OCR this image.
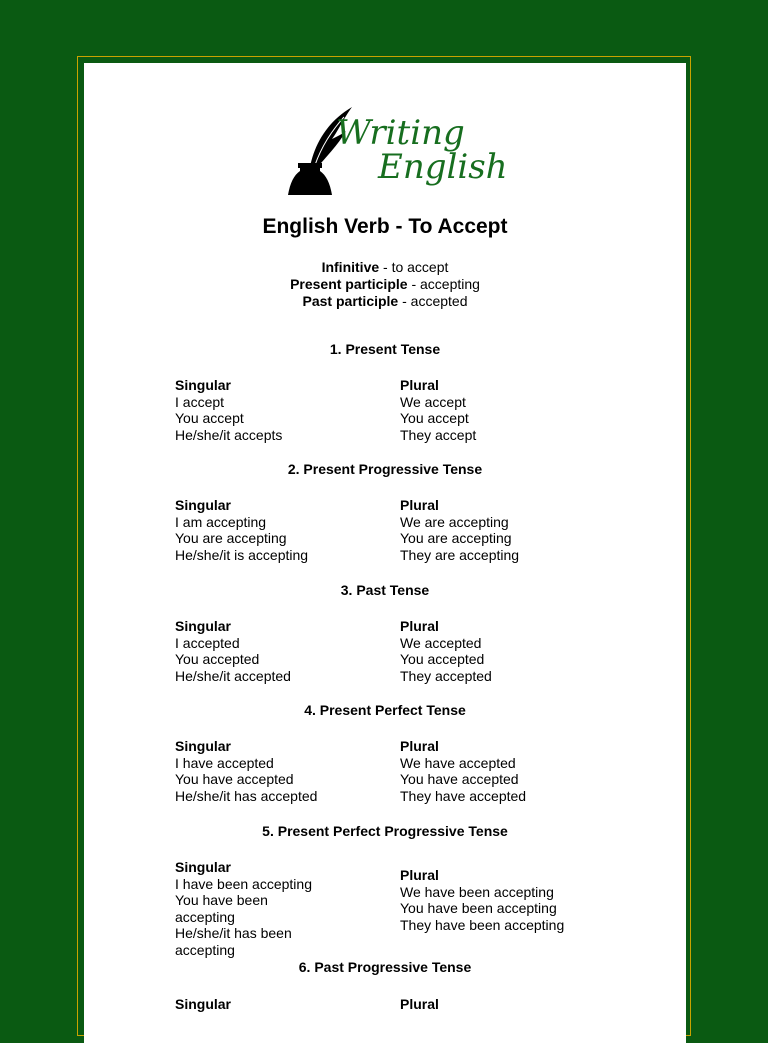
Writing
English
English Verb - To Accept
Infinitive - to accept
Present participle - accepting
Past participle - accepted
1. Present Tense
Singular
I accept
You accept
He/she/it accepts
Plural
We accept
You accept
They accept
2. Present Progressive Tense
Singular
I am accepting
You are accepting
He/she/it is accepting
Plural
We are accepting
You are accepting
They are accepting
3. Past Tense
Singular
I accepted
You accepted
He/she/it accepted
Plural
We accepted
You accepted
They accepted
4. Present Perfect Tense
Singular
I have accepted
You have accepted
He/she/it has accepted
Plural
We have accepted
You have accepted
They have accepted
5. Present Perfect Progressive Tense
Singular
I have been accepting
You have been accepting
He/she/it has been accepting
Plural
We have been accepting
You have been accepting
They have been accepting
6. Past Progressive Tense
Singular	Plural
